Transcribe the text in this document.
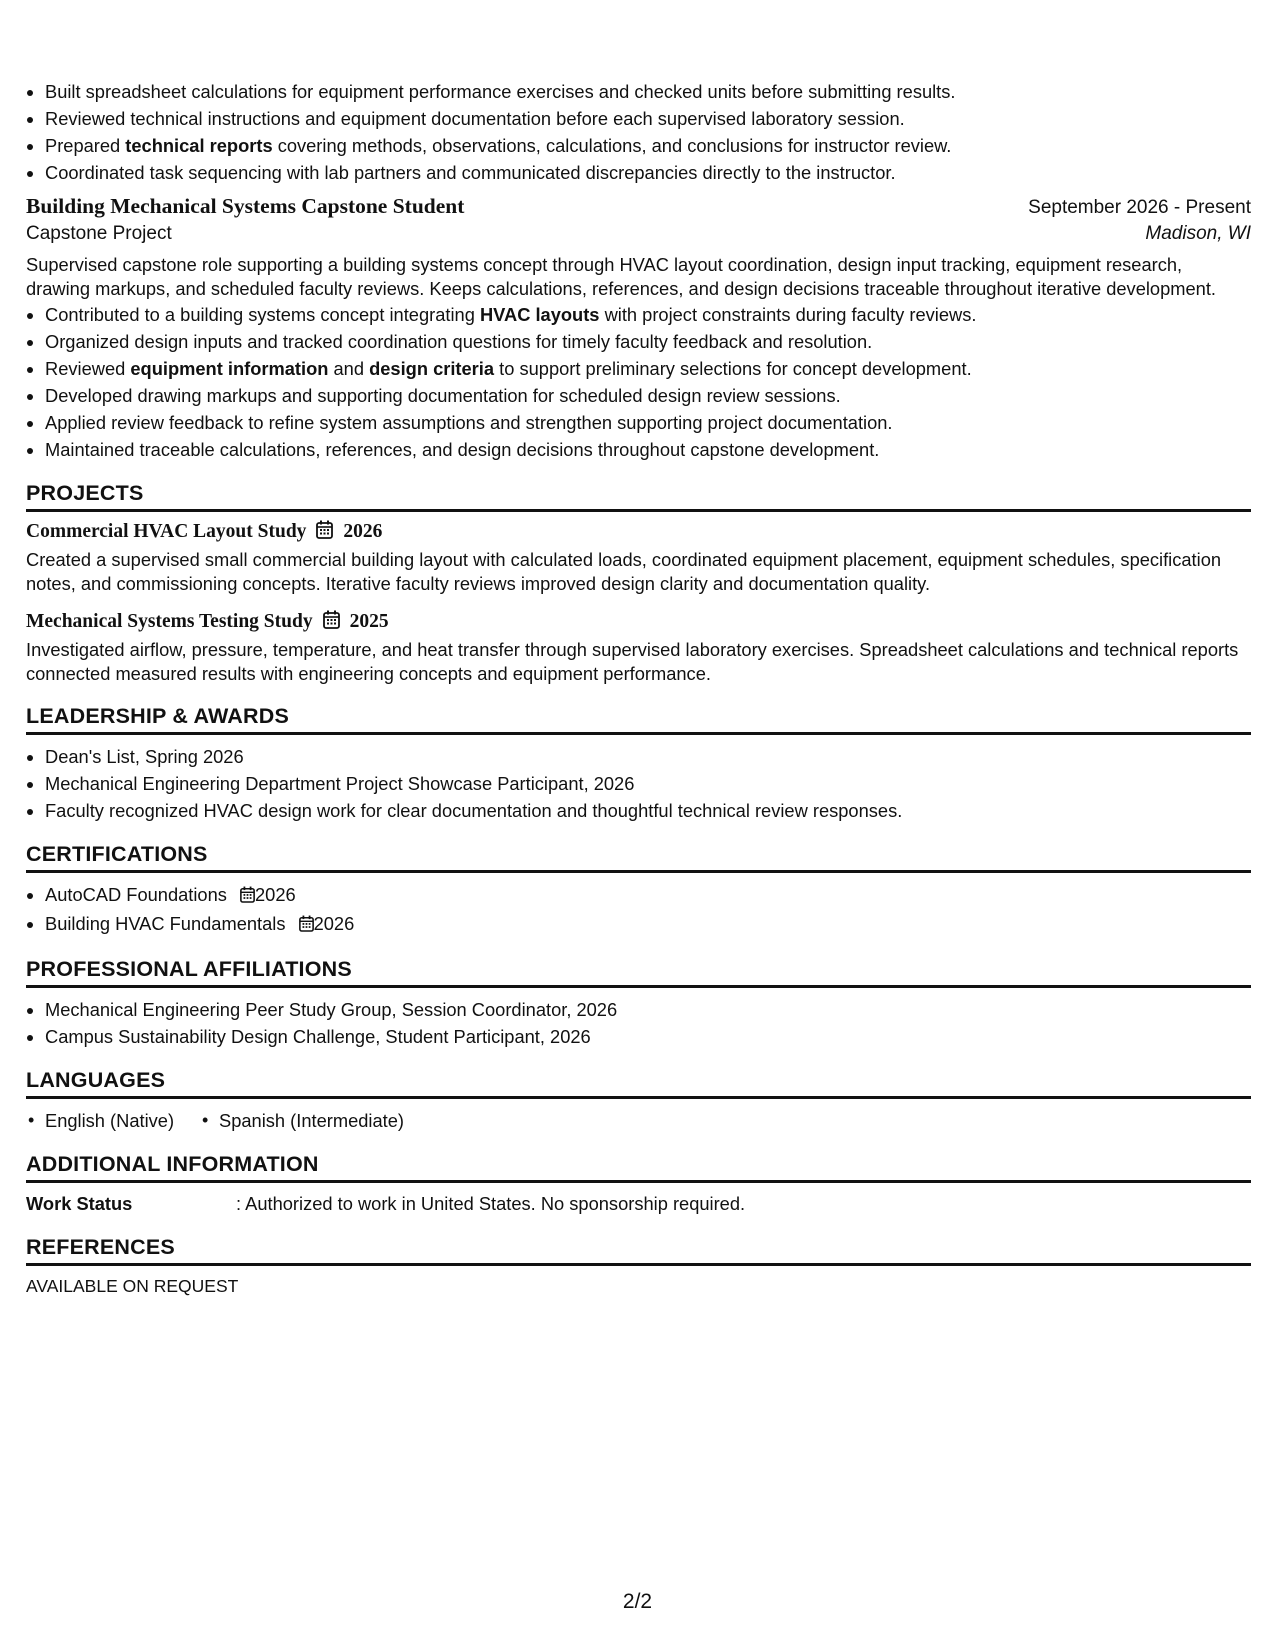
• Built spreadsheet calculations for equipment performance exercises and checked units before submitting results.
• Reviewed technical instructions and equipment documentation before each supervised laboratory session.
• Prepared technical reports covering methods, observations, calculations, and conclusions for instructor review.
• Coordinated task sequencing with lab partners and communicated discrepancies directly to the instructor.
Building Mechanical Systems Capstone Student	September 2026 - Present
Capstone Project	Madison, WI
Supervised capstone role supporting a building systems concept through HVAC layout coordination, design input tracking, equipment research, drawing markups, and scheduled faculty reviews. Keeps calculations, references, and design decisions traceable throughout iterative development.
• Contributed to a building systems concept integrating HVAC layouts with project constraints during faculty reviews.
• Organized design inputs and tracked coordination questions for timely faculty feedback and resolution.
• Reviewed equipment information and design criteria to support preliminary selections for concept development.
• Developed drawing markups and supporting documentation for scheduled design review sessions.
• Applied review feedback to refine system assumptions and strengthen supporting project documentation.
• Maintained traceable calculations, references, and design decisions throughout capstone development.
PROJECTS
Commercial HVAC Layout Study 2026
Created a supervised small commercial building layout with calculated loads, coordinated equipment placement, equipment schedules, specification notes, and commissioning concepts. Iterative faculty reviews improved design clarity and documentation quality.
Mechanical Systems Testing Study 2025
Investigated airflow, pressure, temperature, and heat transfer through supervised laboratory exercises. Spreadsheet calculations and technical reports connected measured results with engineering concepts and equipment performance.
LEADERSHIP & AWARDS
• Dean's List, Spring 2026
• Mechanical Engineering Department Project Showcase Participant, 2026
• Faculty recognized HVAC design work for clear documentation and thoughtful technical review responses.
CERTIFICATIONS
• AutoCAD Foundations 2026
• Building HVAC Fundamentals 2026
PROFESSIONAL AFFILIATIONS
• Mechanical Engineering Peer Study Group, Session Coordinator, 2026
• Campus Sustainability Design Challenge, Student Participant, 2026
LANGUAGES
• English (Native)
•	Spanish (Intermediate)
ADDITIONAL INFORMATION
Work Status	: Authorized to work in United States. No sponsorship required.
REFERENCES
AVAILABLE ON REQUEST
2/2
